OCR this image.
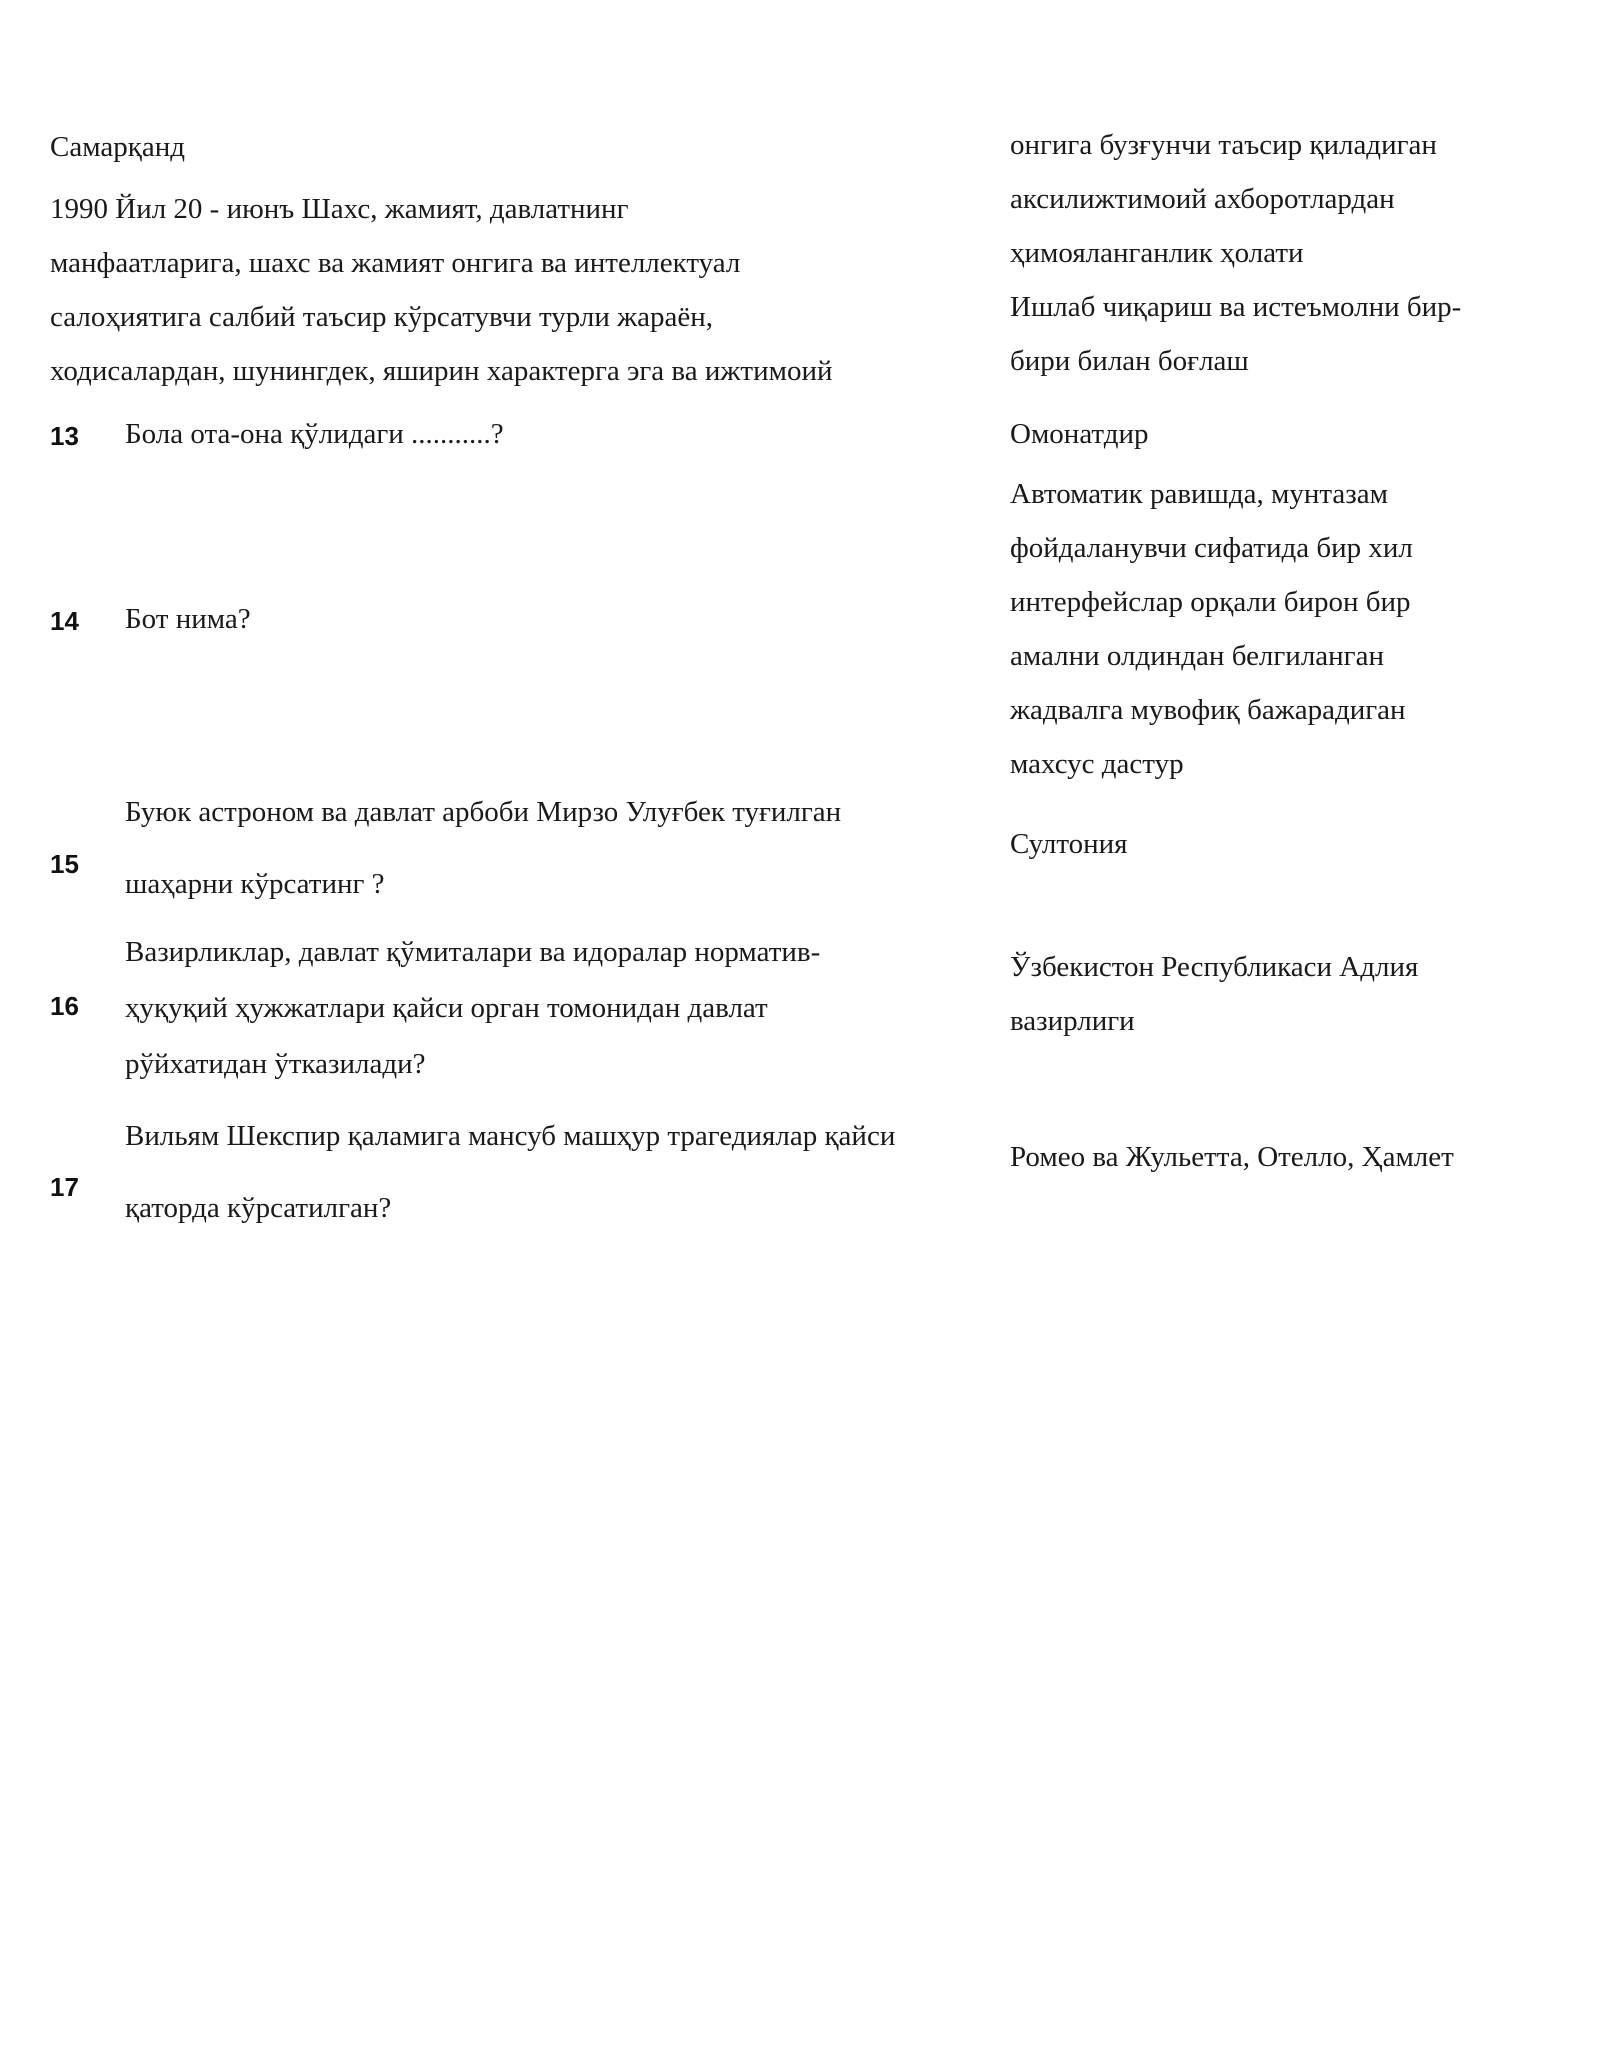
Самарқанд
1990 Йил 20 - июнъ Шахс, жамият, давлатнинг
манфаатларига, шахс ва жамият онгига ва интеллектуал
салоҳиятига салбий таъсир кўрсатувчи турли жараён,
ходисалардан, шунингдек, яширин характерга эга ва ижтимоий
онгига бузғунчи таъсир қиладиган
аксилижтимоий ахборотлардан
ҳимояланганлик ҳолати
Ишлаб чиқариш ва истеъмолни бир-
бири билан боғлаш
13 Бола ота-она қўлидаги ...........?	Омонатдир
14 Бот нима?
Автоматик равишда, мунтазам
фойдаланувчи сифатида бир хил
интерфейслар орқали бирон бир
амални олдиндан белгиланган
жадвалга мувофиқ бажарадиган
махсус дастур
15
Буюк астроном ва давлат арбоби Мирзо Улуғбек туғилган
шаҳарни кўрсатинг ?
Султония
16
Вазирликлар, давлат қўмиталари ва идоралар норматив-
ҳуқуқий ҳужжатлари қайси орган томонидан давлат
рўйхатидан ўтказилади?
Ўзбекистон Республикаси Адлия
вазирлиги
17
Вильям Шекспир қаламига мансуб машҳур трагедиялар қайси
қаторда кўрсатилган?
Ромео ва Жульетта, Отелло, Ҳамлет
